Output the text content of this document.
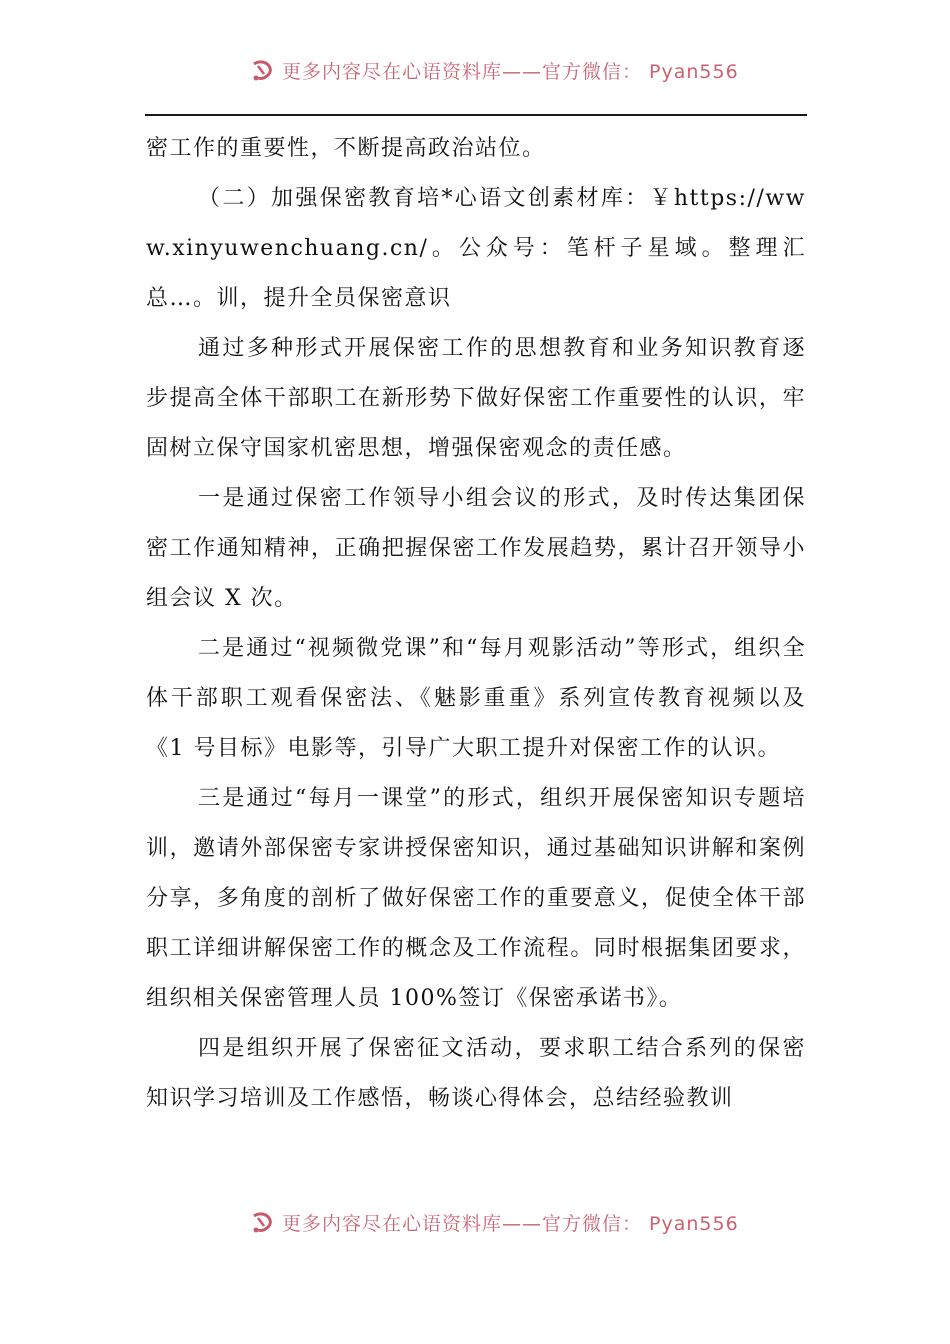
更多内容尽在心语资料库——官方微信： Pyan556

密工作的重要性，不断提高政治站位。

（二）加强保密教育培*心语文创素材库：￥https://www.xinyuwenchuang.cn/。公众号：笔杆子星域。整理汇总…。训，提升全员保密意识

通过多种形式开展保密工作的思想教育和业务知识教育逐步提高全体干部职工在新形势下做好保密工作重要性的认识，牢固树立保守国家机密思想，增强保密观念的责任感。

一是通过保密工作领导小组会议的形式，及时传达集团保密工作通知精神，正确把握保密工作发展趋势，累计召开领导小组会议 X 次。

二是通过“视频微党课”和“每月观影活动”等形式，组织全体干部职工观看保密法、《魅影重重》系列宣传教育视频以及《1 号目标》电影等，引导广大职工提升对保密工作的认识。

三是通过“每月一课堂”的形式，组织开展保密知识专题培训，邀请外部保密专家讲授保密知识，通过基础知识讲解和案例分享，多角度的剖析了做好保密工作的重要意义，促使全体干部职工详细讲解保密工作的概念及工作流程。同时根据集团要求，组织相关保密管理人员 100%签订《保密承诺书》。

四是组织开展了保密征文活动，要求职工结合系列的保密知识学习培训及工作感悟，畅谈心得体会，总结经验教训

更多内容尽在心语资料库——官方微信： Pyan556
